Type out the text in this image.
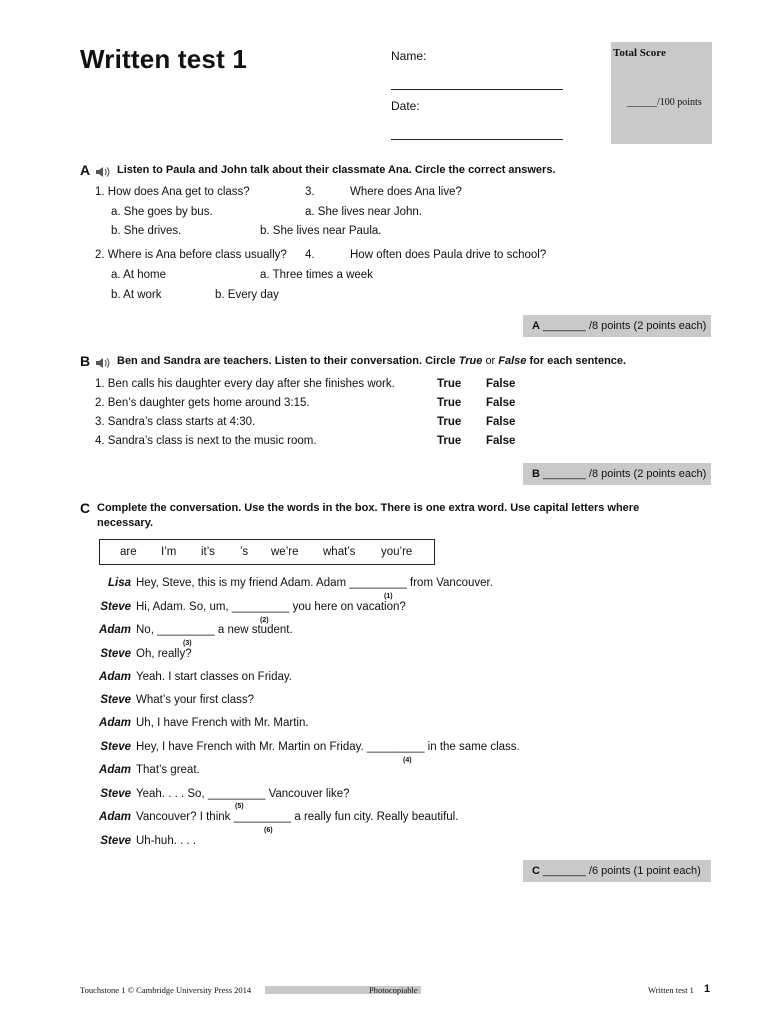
Written test 1	Name:
Date:
Total Score
______/100 points
A Listen to Paula and John talk about their classmate Ana. Circle the correct answers.
1. How does Ana get to class?	3.	Where does Ana live?
a. She goes by bus.	a. She lives near John.
b. She drives.	b. She lives near Paula.
2. Where is Ana before class usually? 4.	How often does Paula drive to school?
a. At home	a. Three times a week
b. At work	b. Every day
A _______ /8 points (2 points each)
B Ben and Sandra are teachers. Listen to their conversation. Circle True or False for each sentence.
1. Ben calls his daughter every day after she finishes work.	True False
2. Ben’s daughter gets home around 3:15.	True False
3. Sandra’s class starts at 4:30.	True False
4. Sandra’s class is next to the music room.	True False
B _______ /8 points (2 points each)
C Complete the conversation. Use the words in the box. There is one extra word. Use capital letters where
necessary.
are I’m it’s ’s we’re what’s you’re
Lisa Hey, Steve, this is my friend Adam. Adam _________ from Vancouver.
(1)
Steve Hi, Adam. So, um, _________ you here on vacation?
(2)
Adam No, _________ a new student.
(3)
Steve Oh, really?
Adam Yeah. I start classes on Friday.
Steve What’s your first class?
Adam Uh, I have French with Mr. Martin.
Steve Hey, I have French with Mr. Martin on Friday. _________ in the same class.
(4)
Adam That’s great.
Steve Yeah. . . . So, _________ Vancouver like?
(5)
Adam Vancouver? I think _________ a really fun city. Really beautiful.
(6)
Steve Uh-huh. . . .
C _______ /6 points (1 point each)
Touchstone 1 © Cambridge University Press 2014	Photocopiable	Written test 1 1
